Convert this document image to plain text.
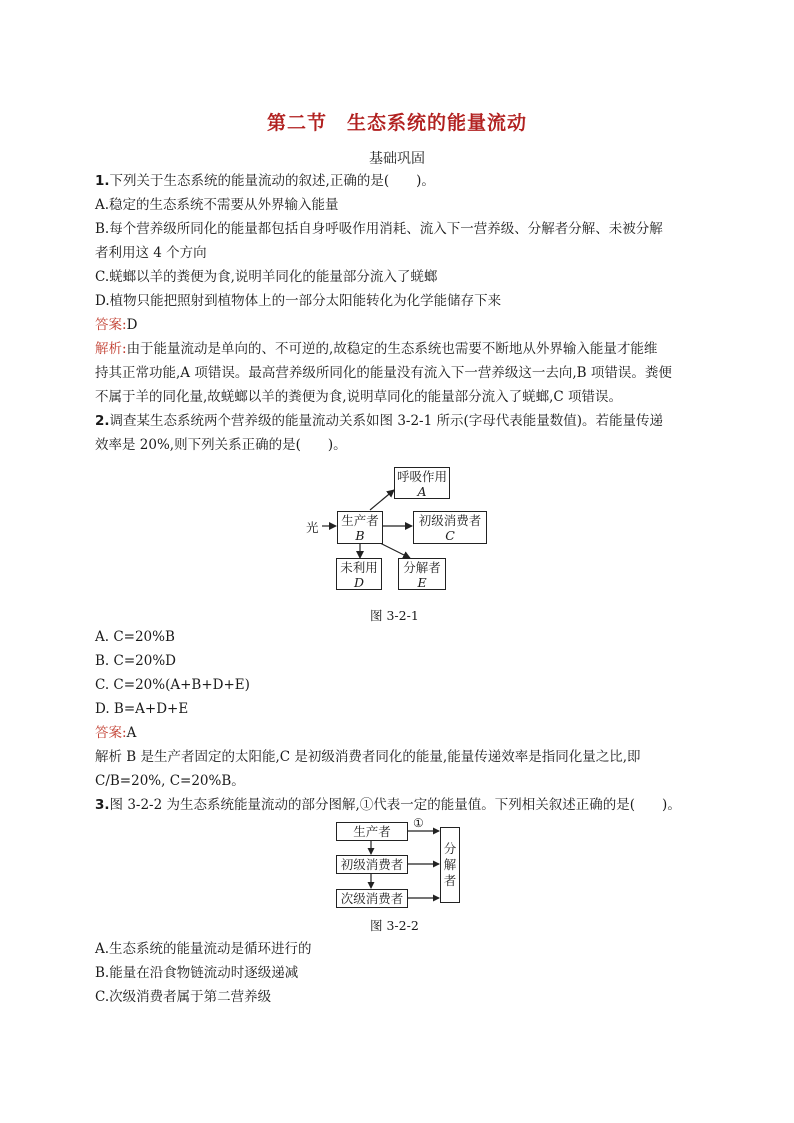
第二节　生态系统的能量流动
基础巩固
1.下列关于生态系统的能量流动的叙述,正确的是(　　)。
A.稳定的生态系统不需要从外界输入能量
B.每个营养级所同化的能量都包括自身呼吸作用消耗、流入下一营养级、分解者分解、未被分解
者利用这 4 个方向
C.蜣螂以羊的粪便为食,说明羊同化的能量部分流入了蜣螂
D.植物只能把照射到植物体上的一部分太阳能转化为化学能储存下来
答案:D
解析:由于能量流动是单向的、不可逆的,故稳定的生态系统也需要不断地从外界输入能量才能维
持其正常功能,A 项错误。最高营养级所同化的能量没有流入下一营养级这一去向,B 项错误。粪便
不属于羊的同化量,故蜣螂以羊的粪便为食,说明草同化的能量部分流入了蜣螂,C 项错误。
2.调查某生态系统两个营养级的能量流动关系如图 3-2-1 所示(字母代表能量数值)。若能量传递
效率是 20%,则下列关系正确的是(　　)。
光
呼吸作用
A
生产者
B
初级消费者
C
未利用
D
分解者
E
图 3-2-1
A. C=20%B
B. C=20%D
C. C=20%(A+B+D+E)
D. B=A+D+E
答案:A
解析 B 是生产者固定的太阳能,C 是初级消费者同化的能量,能量传递效率是指同化量之比,即
C/B=20%, C=20%B。
3.图 3-2-2 为生态系统能量流动的部分图解,①代表一定的能量值。下列相关叙述正确的是(　　)。
①
生产者
初级消费者
次级消费者
分
解
者
图 3-2-2
A.生态系统的能量流动是循环进行的
B.能量在沿食物链流动时逐级递减
C.次级消费者属于第二营养级
